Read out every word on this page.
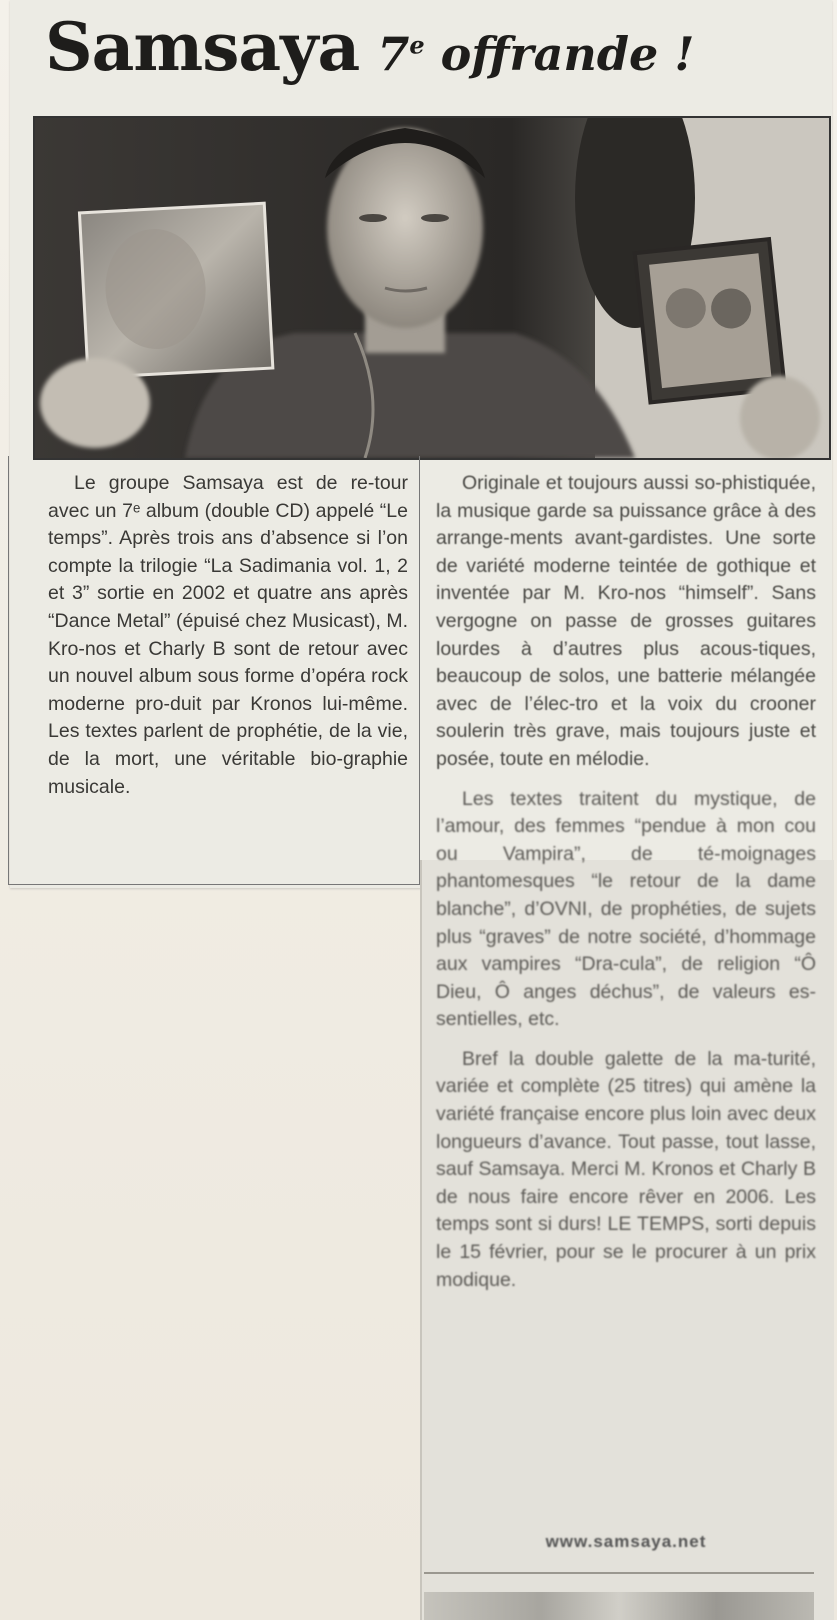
Samsaya 7e offrande !

Le groupe Samsaya est de re-tour avec un 7ᵉ album (double CD) appelé “Le temps”. Après trois ans d’absence si l’on compte la trilogie “La Sadimania vol. 1, 2 et 3” sortie en 2002 et quatre ans après “Dance Metal” (épuisé chez Musicast), M. Kro-nos et Charly B sont de retour avec un nouvel album sous forme d’opéra rock moderne pro-duit par Kronos lui-même. Les textes parlent de prophétie, de la vie, de la mort, une véritable bio-graphie musicale.

Originale et toujours aussi so-phistiquée, la musique garde sa puissance grâce à des arrange-ments avant-gardistes. Une sorte de variété moderne teintée de gothique et inventée par M. Kro-nos “himself”. Sans vergogne on passe de grosses guitares lourdes à d’autres plus acous-tiques, beaucoup de solos, une batterie mélangée avec de l’élec-tro et la voix du crooner soulerin très grave, mais toujours juste et posée, toute en mélodie.

Les textes traitent du mystique, de l’amour, des femmes “pendue à mon cou ou Vampira”, de té-moignages phantomesques “le retour de la dame blanche”, d’OVNI, de prophéties, de sujets plus “graves” de notre société, d’hommage aux vampires “Dra-cula”, de religion “Ô Dieu, Ô anges déchus”, de valeurs es-sentielles, etc.

Bref la double galette de la ma-turité, variée et complète (25 titres) qui amène la variété française encore plus loin avec deux longueurs d’avance. Tout passe, tout lasse, sauf Samsaya. Merci M. Kronos et Charly B de nous faire encore rêver en 2006. Les temps sont si durs! LE TEMPS, sorti depuis le 15 février, pour se le procurer à un prix modique.

www.samsaya.net
